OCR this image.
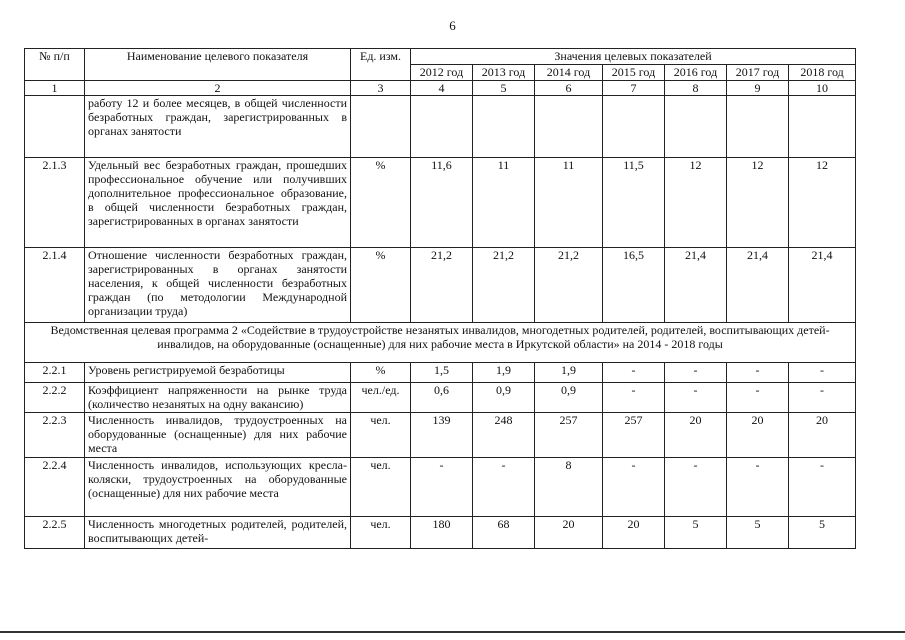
6
№ п/п	Наименование целевого показателя	Ед. изм.	Значения целевых показателей						
			2012 год	2013 год	2014 год	2015 год	2016 год	2017 год	2018 год
1	2	3	4	5	6	7	8	9	10
	работу 12 и более месяцев, в общей численности безработных граждан, зарегистрированных в органах занятости								
2.1.3	Удельный вес безработных граждан, прошедших профессиональное обучение или получивших дополнительное профессиональное образование, в общей численности безработных граждан, зарегистрированных в органах занятости	%	11,6	11	11	11,5	12	12	12
2.1.4	Отношение численности безработных граждан, зарегистрированных в органах занятости населения, к общей численности безработных граждан (по методологии Международной организации труда)	%	21,2	21,2	21,2	16,5	21,4	21,4	21,4
Ведомственная целевая программа 2 «Содействие в трудоустройстве незанятых инвалидов, многодетных родителей, родителей, воспитывающих детей-инвалидов, на оборудованные (оснащенные) для них рабочие места в Иркутской области» на 2014 - 2018 годы									
2.2.1	Уровень регистрируемой безработицы	%	1,5	1,9	1,9	-	-	-	-
2.2.2	Коэффициент напряженности на рынке труда (количество незанятых на одну вакансию)	чел./ед.	0,6	0,9	0,9	-	-	-	-
2.2.3	Численность инвалидов, трудоустроенных на оборудованные (оснащенные) для них рабочие места	чел.	139	248	257	257	20	20	20
2.2.4	Численность инвалидов, использующих кресла-коляски, трудоустроенных на оборудованные (оснащенные) для них рабочие места	чел.	-	-	8	-	-	-	-
2.2.5	Численность многодетных родителей, родителей, воспитывающих детей-	чел.	180	68	20	20	5	5	5
